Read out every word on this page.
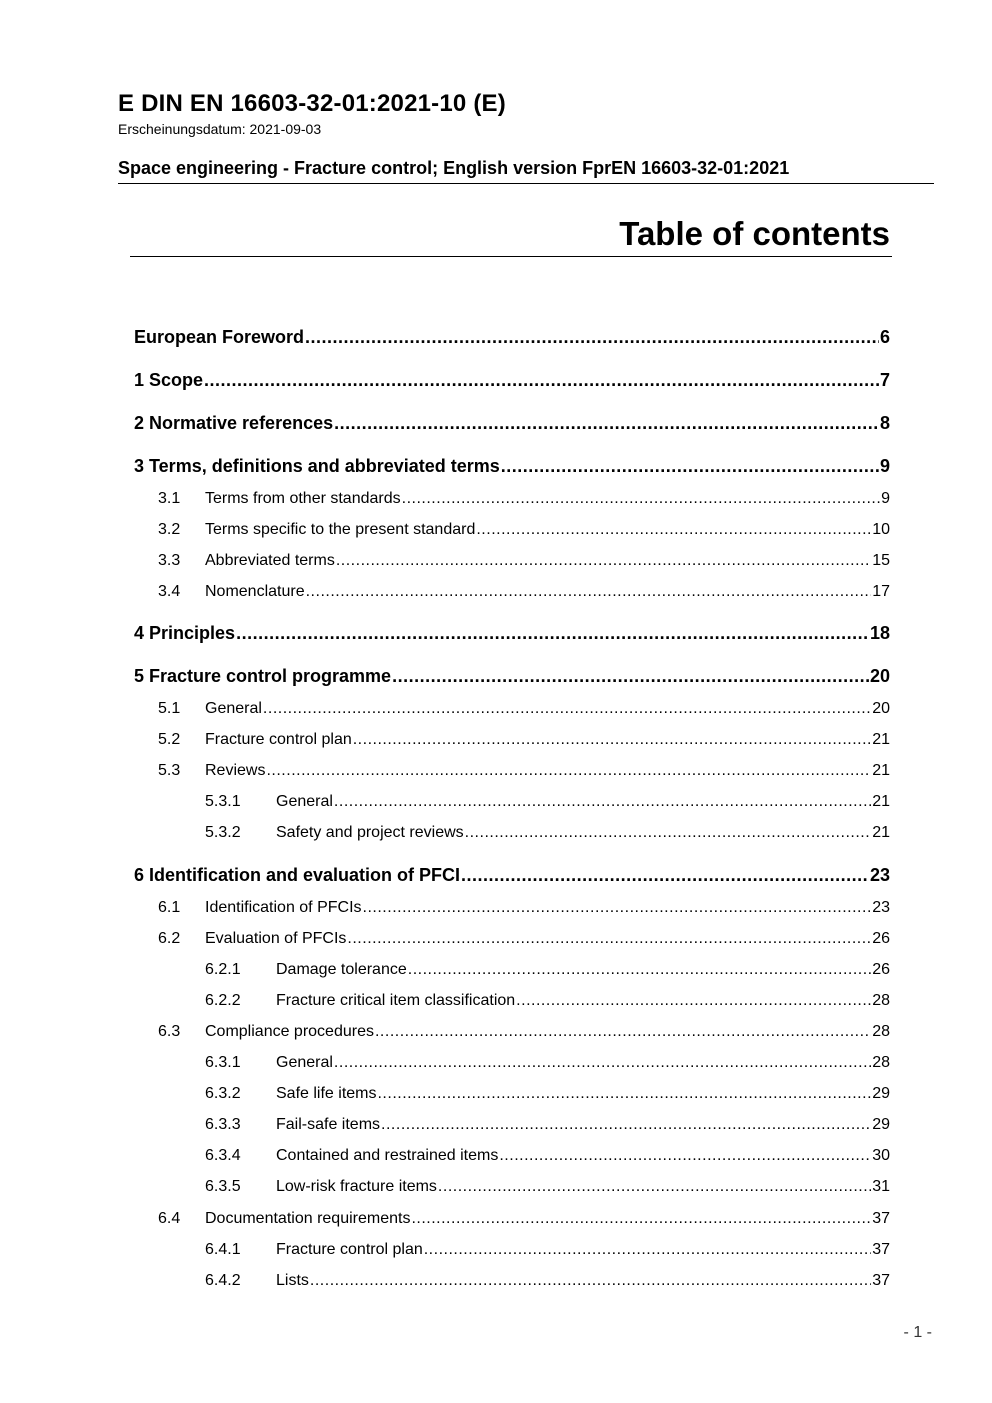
E DIN EN 16603-32-01:2021-10 (E)
Erscheinungsdatum: 2021-09-03
Space engineering - Fracture control; English version FprEN 16603-32-01:2021
Table of contents
European Foreword .....	6
1 Scope .....	7
2 Normative references .....	8
3 Terms, definitions and abbreviated terms .....	9
3.1	Terms from other standards .....	9
3.2	Terms specific to the present standard .....	10
3.3	Abbreviated terms .....	15
3.4	Nomenclature .....	17
4 Principles .....	18
5 Fracture control programme .....	20
5.1	General .....	20
5.2	Fracture control plan .....	21
5.3	Reviews .....	21
5.3.1	General .....	21
5.3.2	Safety and project reviews .....	21
6 Identification and evaluation of PFCI .....	23
6.1	Identification of PFCIs .....	23
6.2	Evaluation of PFCIs .....	26
6.2.1	Damage tolerance .....	26
6.2.2	Fracture critical item classification .....	28
6.3	Compliance procedures .....	28
6.3.1	General .....	28
6.3.2	Safe life items .....	29
6.3.3	Fail-safe items .....	29
6.3.4	Contained and restrained items .....	30
6.3.5	Low-risk fracture items .....	31
6.4	Documentation requirements .....	37
6.4.1	Fracture control plan .....	37
6.4.2	Lists .....	37
- 1 -
